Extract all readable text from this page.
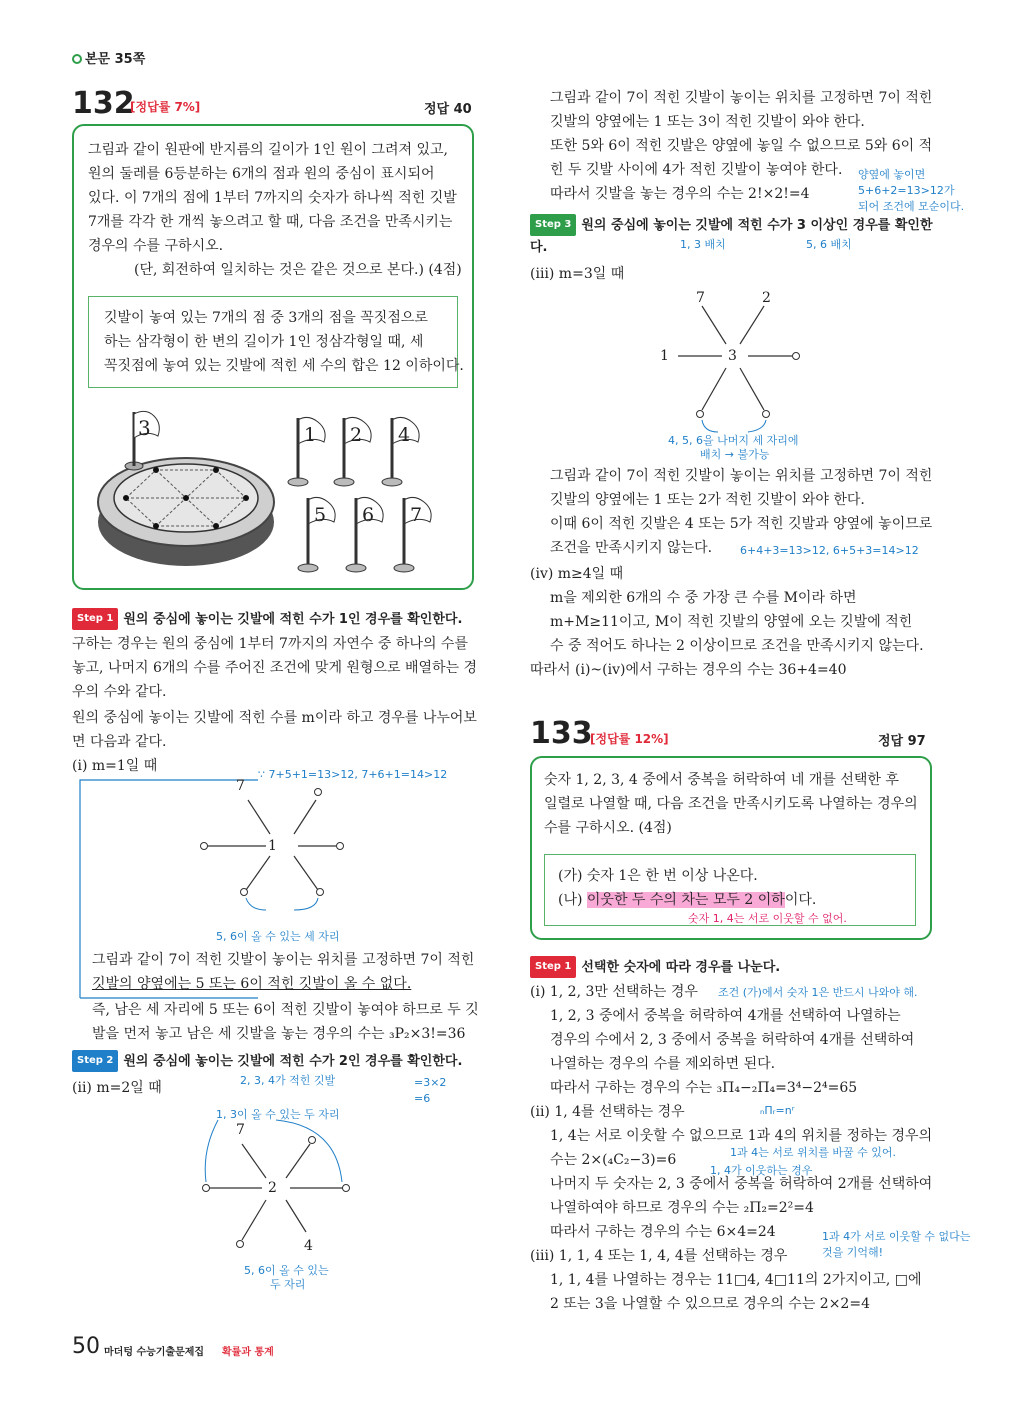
본문 35쪽
132
[정답률 7%]	정답 40
그림과 같이 원판에 반지름의 길이가 1인 원이 그려져 있고,
원의 둘레를 6등분하는 6개의 점과 원의 중심이 표시되어
있다. 이 7개의 점에 1부터 7까지의 숫자가 하나씩 적힌 깃발
7개를 각각 한 개씩 놓으려고 할 때, 다음 조건을 만족시키는
경우의 수를 구하시오.
(단, 회전하여 일치하는 것은 같은 것으로 본다.) (4점)
깃발이 놓여 있는 7개의 점 중 3개의 점을 꼭짓점으로
하는 삼각형이 한 변의 길이가 1인 정삼각형일 때, 세
꼭짓점에 놓여 있는 깃발에 적힌 세 수의 합은 12 이하이다.
3	1 2 4
5 6 7
Step 1 원의 중심에 놓이는 깃발에 적힌 수가 1인 경우를 확인한다.
구하는 경우는 원의 중심에 1부터 7까지의 자연수 중 하나의 수를
놓고, 나머지 6개의 수를 주어진 조건에 맞게 원형으로 배열하는 경
우의 수와 같다.
원의 중심에 놓이는 깃발에 적힌 수를 m이라 하고 경우를 나누어보
면 다음과 같다.
(ⅰ) m=1일 때
∵ 7+5+1=13>12, 7+6+1=14>12
7
1
5, 6이 올 수 있는 세 자리
그림과 같이 7이 적힌 깃발이 놓이는 위치를 고정하면 7이 적힌
깃발의 양옆에는 5 또는 6이 적힌 깃발이 올 수 없다.
즉, 남은 세 자리에 5 또는 6이 적힌 깃발이 놓여야 하므로 두 깃
발을 먼저 놓고 남은 세 깃발을 놓는 경우의 수는 ₃P₂×3!=36
Step 2 원의 중심에 놓이는 깃발에 적힌 수가 2인 경우를 확인한다.
2, 3, 4가 적힌 깃발	=3×2
=6
(ⅱ) m=2일 때
1, 3이 올 수 있는 두 자리
7
2
4
5, 6이 올 수 있는
두 자리
그림과 같이 7이 적힌 깃발이 놓이는 위치를 고정하면 7이 적힌
깃발의 양옆에는 1 또는 3이 적힌 깃발이 와야 한다.
또한 5와 6이 적힌 깃발은 양옆에 놓일 수 없으므로 5와 6이 적
힌 두 깃발 사이에 4가 적힌 깃발이 놓여야 한다.
따라서 깃발을 놓는 경우의 수는 2!×2!=4
양옆에 놓이면
5+6+2=13>12가
되어 조건에 모순이다.
Step 3 원의 중심에 놓이는 깃발에 적힌 수가 3 이상인 경우를 확인한
다.	1, 3 배치	5, 6 배치
(ⅲ) m=3일 때
7	2
1	3
4, 5, 6을 나머지 세 자리에
배치 → 불가능
그림과 같이 7이 적힌 깃발이 놓이는 위치를 고정하면 7이 적힌
깃발의 양옆에는 1 또는 2가 적힌 깃발이 와야 한다.
이때 6이 적힌 깃발은 4 또는 5가 적힌 깃발과 양옆에 놓이므로
조건을 만족시키지 않는다.	6+4+3=13>12, 6+5+3=14>12
(ⅳ) m≥4일 때
m을 제외한 6개의 수 중 가장 큰 수를 M이라 하면
m+M≥11이고, M이 적힌 깃발의 양옆에 오는 깃발에 적힌
수 중 적어도 하나는 2 이상이므로 조건을 만족시키지 않는다.
따라서 (ⅰ)~(ⅳ)에서 구하는 경우의 수는 36+4=40
133
[정답률 12%]	정답 97
숫자 1, 2, 3, 4 중에서 중복을 허락하여 네 개를 선택한 후
일렬로 나열할 때, 다음 조건을 만족시키도록 나열하는 경우의
수를 구하시오. (4점)
(가) 숫자 1은 한 번 이상 나온다.
(나) 이웃한 두 수의 차는 모두 2 이하이다.
숫자 1, 4는 서로 이웃할 수 없어.
Step 1 선택한 숫자에 따라 경우를 나눈다.
(ⅰ) 1, 2, 3만 선택하는 경우 조건 (가)에서 숫자 1은 반드시 나와야 해.
1, 2, 3 중에서 중복을 허락하여 4개를 선택하여 나열하는
경우의 수에서 2, 3 중에서 중복을 허락하여 4개를 선택하여
나열하는 경우의 수를 제외하면 된다.
따라서 구하는 경우의 수는 ₃Π₄−₂Π₄=3⁴−2⁴=65
ₙΠᵣ=nʳ
(ⅱ) 1, 4를 선택하는 경우
1, 4는 서로 이웃할 수 없으므로 1과 4의 위치를 정하는 경우의
수는 2×(₄C₂−3)=6	1과 4는 서로 위치를 바꿀 수 있어.
1, 4가 이웃하는 경우
나머지 두 숫자는 2, 3 중에서 중복을 허락하여 2개를 선택하여
나열하여야 하므로 경우의 수는 ₂Π₂=2²=4
따라서 구하는 경우의 수는 6×4=24	1과 4가 서로 이웃할 수 없다는
것을 기억해!
(ⅲ) 1, 1, 4 또는 1, 4, 4를 선택하는 경우
1, 1, 4를 나열하는 경우는 11□4, 4□11의 2가지이고, □에
2 또는 3을 나열할 수 있으므로 경우의 수는 2×2=4
50 마더텅 수능기출문제집 확률과 통계
